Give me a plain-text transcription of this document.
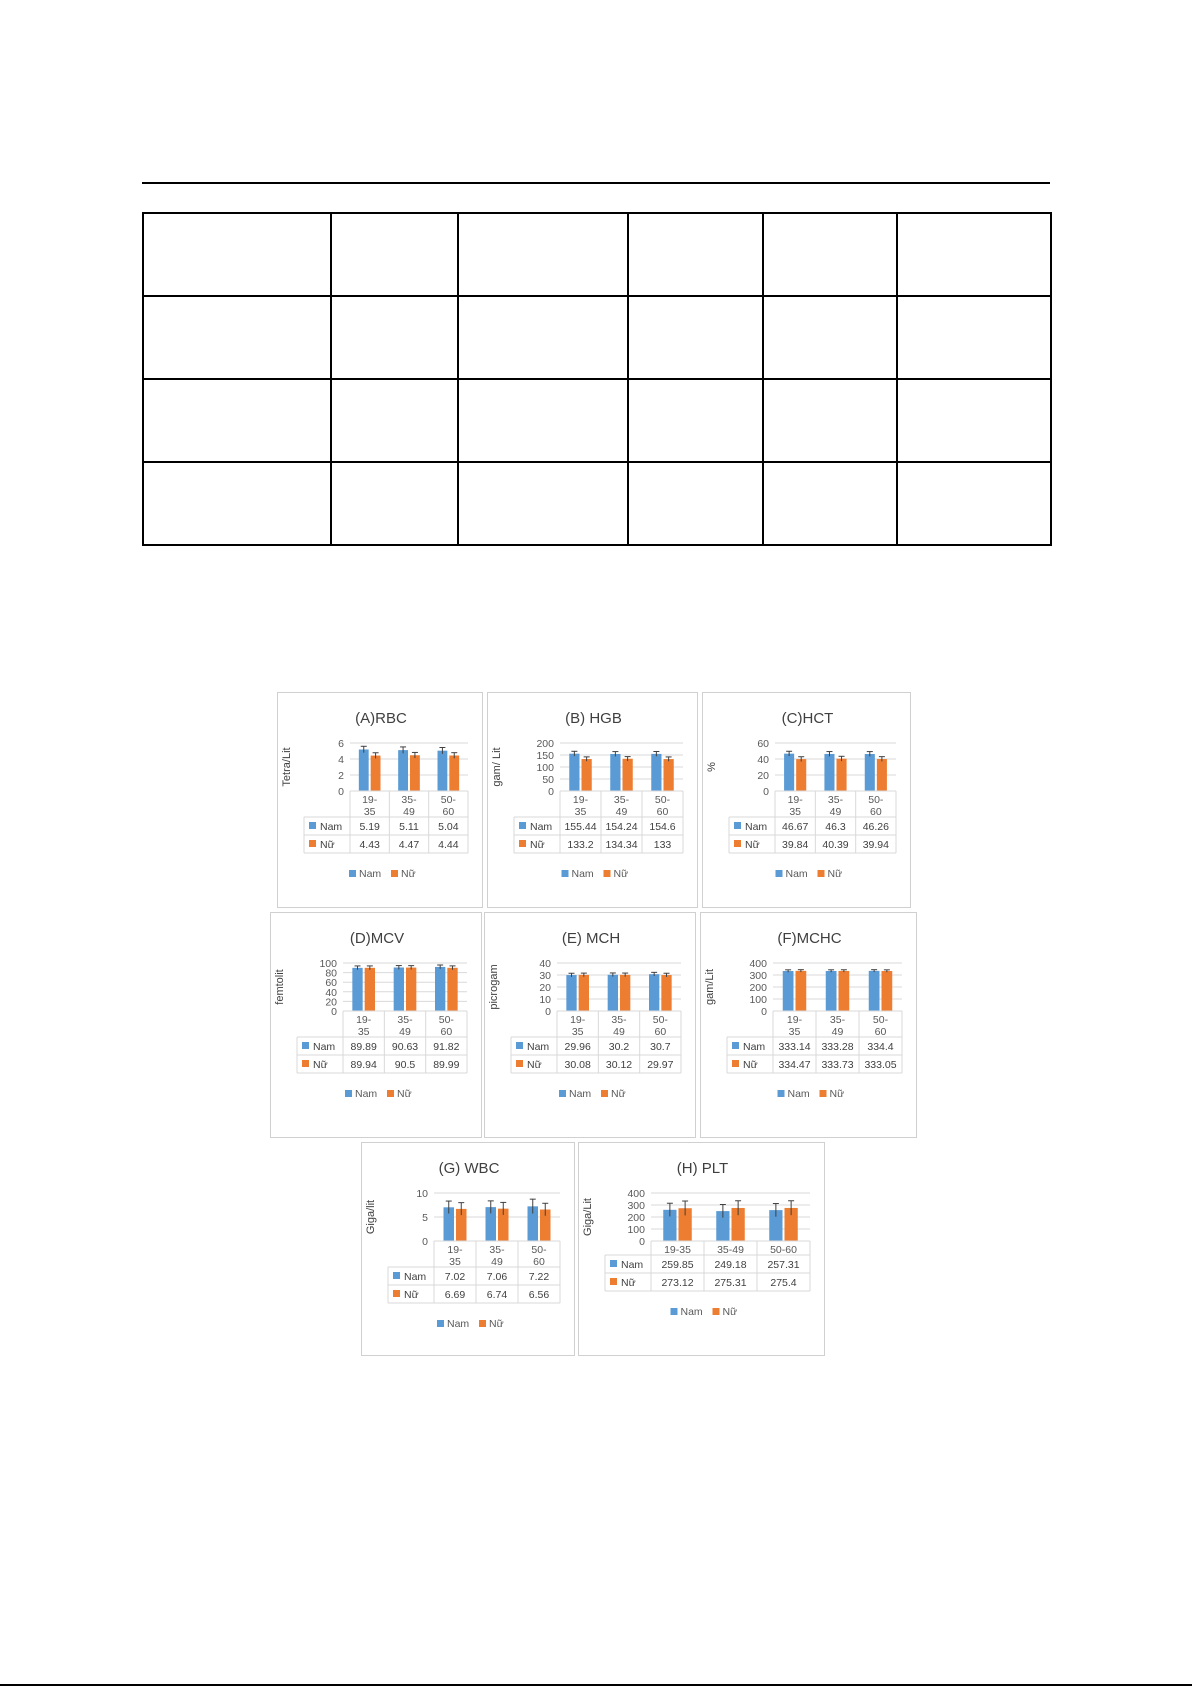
(A)RBC
Tetra/Lit
0
2
4
6
19-
35
35-
49
50-
60
Nam 5.19 5.11 5.04
Nữ 4.43 4.47 4.44
Nam Nữ
(B) HGB
gam/ Lit
0
50
100
150
200
19-
35
35-
49
50-
60
Nam 155.44 154.24 154.6
Nữ 133.2 134.34 133
Nam Nữ
(C)HCT
%
0
20
40
60
19-
35
35-
49
50-
60
Nam 46.67 46.3 46.26
Nữ 39.84 40.39 39.94
Nam Nữ
(D)MCV
femtolit
0
20
40
60
80
100
19-
35
35-
49
50-
60
Nam 89.89 90.63 91.82
Nữ 89.94 90.5 89.99
Nam Nữ
(E) MCH
picrogam
0
10
20
30
40
19-
35
35-
49
50-
60
Nam 29.96 30.2 30.7
Nữ 30.08 30.12 29.97
Nam Nữ
(F)MCHC
gam/Lit
0
100
200
300
400
19-
35
35-
49
50-
60
Nam 333.14 333.28 334.4
Nữ 334.47 333.73 333.05
Nam Nữ
(G) WBC
Giga/lit
0
5
10
19-
35
35-
49
50-
60
Nam 7.02 7.06 7.22
Nữ 6.69 6.74 6.56
Nam Nữ
(H) PLT
Giga/Lit
0
100
200
300
400
19-35 35-49 50-60
Nam 259.85 249.18 257.31
Nữ 273.12 275.31 275.4
Nam Nữ
